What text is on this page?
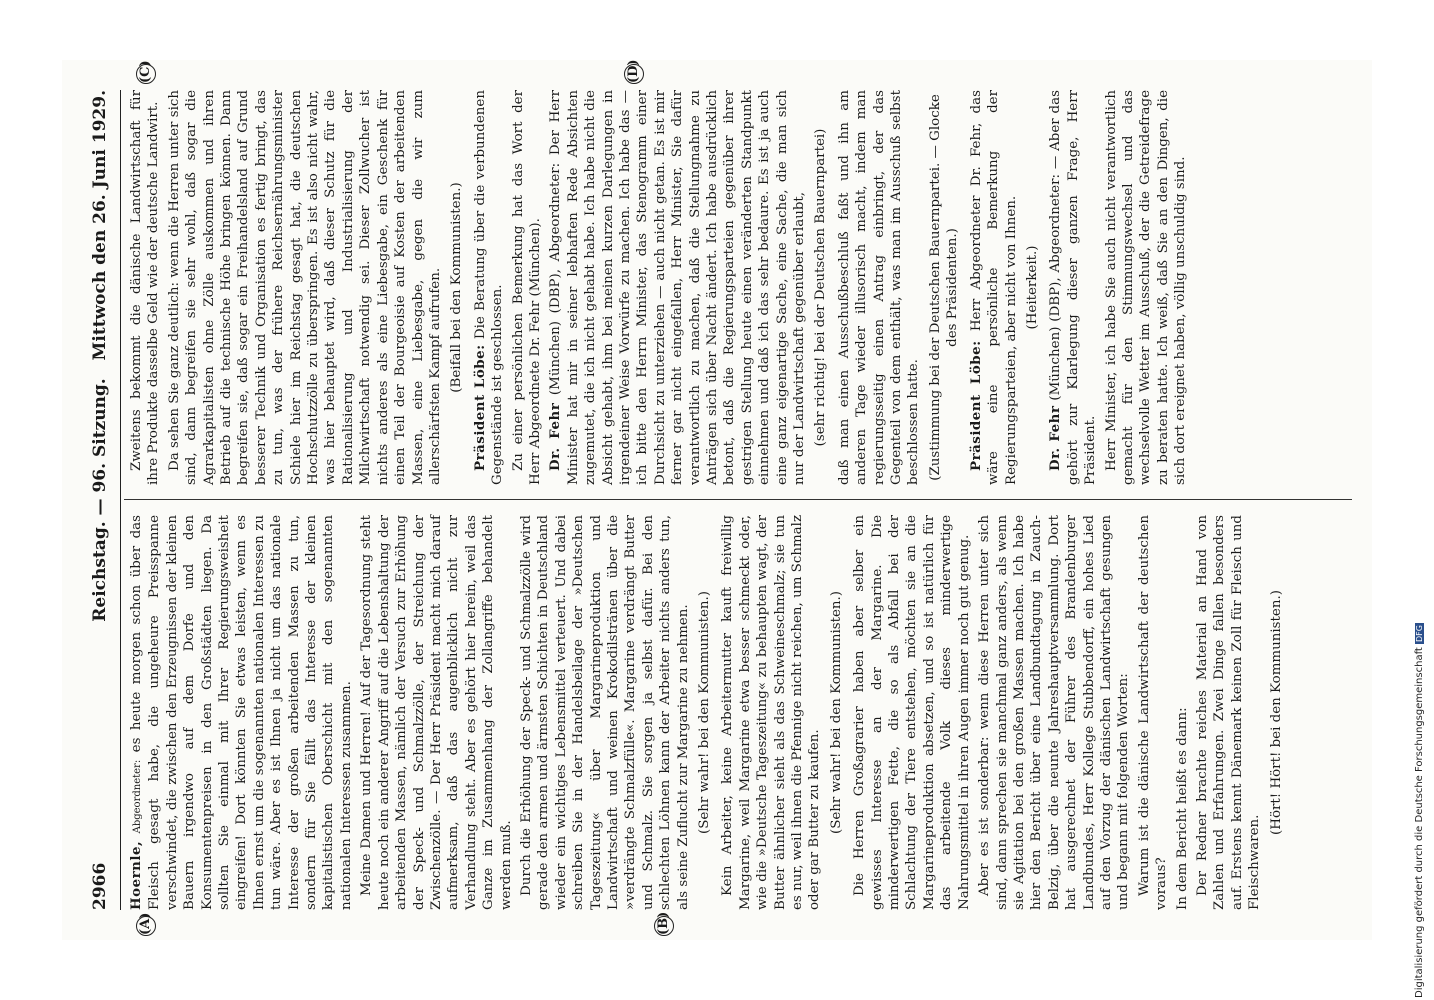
2966
Reichstag. — 96. Sitzung.
Mittwoch den 26. Juni 1929.
(A)	(B)
(C)	(D)

Hoernle, Abgeordneter: es heute morgen schon über das Fleisch gesagt habe, die ungeheure Preisspanne verschwindet, die zwischen den Erzeugnissen der kleinen Bauern irgendwo auf dem Dorfe und den Konsumentenpreisen in den Großstädten liegen. Da sollten Sie einmal mit Ihrer Regierungsweisheit eingreifen! Dort könnten Sie etwas leisten, wenn es Ihnen ernst um die sogenannten nationalen Interessen zu tun wäre. Aber es ist Ihnen ja nicht um das nationale Interesse der großen arbeitenden Massen zu tun, sondern für Sie fällt das Interesse der kleinen kapitalistischen Oberschicht mit den sogenannten nationalen Interessen zusammen. Meine Damen und Herren! Auf der Tagesordnung steht heute noch ein anderer Angriff auf die Lebenshaltung der arbeitenden Massen, nämlich der Versuch zur Erhöhung der Speck- und Schmalzzölle, der Streichung der Zwischenzölle. — Der Herr Präsident macht mich darauf aufmerksam, daß das augenblicklich nicht zur Verhandlung steht. Aber es gehört hier herein, weil das Ganze im Zusammenhang der Zollangriffe behandelt werden muß. Durch die Erhöhung der Speck- und Schmalzzölle wird gerade den armen und ärmsten Schichten in Deutschland wieder ein wichtiges Lebensmittel verteuert. Und dabei schreiben Sie in der Handelsbeilage der »Deutschen Tageszeitung« über Margarineproduktion und Landwirtschaft und weinen Krokodilstränen über die »verdrängte Schmalzfülle«. Margarine verdrängt Butter und Schmalz. Sie sorgen ja selbst dafür. Bei den schlechten Löhnen kann der Arbeiter nichts anders tun, als seine Zuflucht zur Margarine zu nehmen. (Sehr wahr! bei den Kommunisten.) Kein Arbeiter, keine Arbeitermutter kauft freiwillig Margarine, weil Margarine etwa besser schmeckt oder, wie die »Deutsche Tageszeitung« zu behaupten wagt, der Butter ähnlicher sieht als das Schweineschmalz; sie tun es nur, weil ihnen die Pfennige nicht reichen, um Schmalz oder gar Butter zu kaufen. (Sehr wahr! bei den Kommunisten.) Die Herren Großagrarier haben aber selber ein gewisses Interesse an der Margarine. Die minderwertigen Fette, die so als Abfall bei der Schlachtung der Tiere entstehen, möchten sie an die Margarineproduktion absetzen, und so ist natürlich für das arbeitende Volk dieses minderwertige Nahrungsmittel in ihren Augen immer noch gut genug. Aber es ist sonderbar: wenn diese Herren unter sich sind, dann sprechen sie manchmal ganz anders, als wenn sie Agitation bei den großen Massen machen. Ich habe hier den Bericht über eine Landbundtagung in Zauch-Belzig, über die neunte Jahreshauptversammlung. Dort hat ausgerechnet der Führer des Brandenburger Landbundes, Herr Kollege Stubbendorff, ein hohes Lied auf den Vorzug der dänischen Landwirtschaft gesungen und begann mit folgenden Worten: Warum ist die dänische Landwirtschaft der deutschen voraus? In dem Bericht heißt es dann: Der Redner brachte reiches Material an Hand von Zahlen und Erfahrungen. Zwei Dinge fallen besonders auf. Erstens kennt Dänemark keinen Zoll für Fleisch und Fleischwaren.

(Hört! Hört! bei den Kommunisten.)

Zweitens bekommt die dänische Landwirtschaft für ihre Produkte dasselbe Geld wie der deutsche Landwirt. Da sehen Sie ganz deutlich: wenn die Herren unter sich sind, dann begreifen sie sehr wohl, daß sogar die Agrarkapitalisten ohne Zölle auskommen und ihren Betrieb auf die technische Höhe bringen können. Dann begreifen sie, daß sogar ein Freihandelsland auf Grund besserer Technik und Organisation es fertig bringt, das zu tun, was der frühere Reichsernährungsminister Schiele hier im Reichstag gesagt hat, die deutschen Hochschutzzölle zu überspringen. Es ist also nicht wahr, was hier behauptet wird, daß dieser Schutz für die Rationalisierung und Industrialisierung der Milchwirtschaft notwendig sei. Dieser Zollwucher ist nichts anderes als eine Liebesgabe, ein Geschenk für einen Teil der Bourgeoisie auf Kosten der arbeitenden Massen, eine Liebesgabe, gegen die wir zum allerschärfsten Kampf aufrufen. (Beifall bei den Kommunisten.)

Präsident Löbe: Die Beratung über die verbundenen Gegenstände ist geschlossen. Zu einer persönlichen Bemerkung hat das Wort der Herr Abgeordnete Dr. Fehr (München). Dr. Fehr (München) (DBP), Abgeordneter: Der Herr Minister hat mir in seiner lebhaften Rede Absichten zugemutet, die ich nicht gehabt habe. Ich habe nicht die Absicht gehabt, ihm bei meinen kurzen Darlegungen in irgendeiner Weise Vorwürfe zu machen. Ich habe das — ich bitte den Herrn Minister, das Stenogramm einer Durchsicht zu unterziehen — auch nicht getan. Es ist mir ferner gar nicht eingefallen, Herr Minister, Sie dafür verantwortlich zu machen, daß die Stellungnahme zu Anträgen sich über Nacht ändert. Ich habe ausdrücklich betont, daß die Regierungsparteien gegenüber ihrer gestrigen Stellung heute einen veränderten Standpunkt einnehmen und daß ich das sehr bedaure. Es ist ja auch eine ganz eigenartige Sache, eine Sache, die man sich nur der Landwirtschaft gegenüber erlaubt, (sehr richtig! bei der Deutschen Bauernpartei) daß man einen Ausschußbeschluß faßt und ihn am anderen Tage wieder illusorisch macht, indem man regierungsseitig einen Antrag einbringt, der das Gegenteil von dem enthält, was man im Ausschuß selbst beschlossen hatte. (Zustimmung bei der Deutschen Bauernpartei. — Glocke des Präsidenten.)

Präsident Löbe: Herr Abgeordneter Dr. Fehr, das wäre eine persönliche Bemerkung der Regierungsparteien, aber nicht von Ihnen. (Heiterkeit.)

Dr. Fehr (München) (DBP), Abgeordneter: — Aber das gehört zur Klarlegung dieser ganzen Frage, Herr Präsident. Herr Minister, ich habe Sie auch nicht verantwortlich gemacht für den Stimmungswechsel und das wechselvolle Wetter im Ausschuß, der die Getreidefrage zu beraten hatte. Ich weiß, daß Sie an den Dingen, die sich dort ereignet haben, völlig unschuldig sind.

Digitalisierung gefördert durch die Deutsche Forschungsgemeinschaft DFG
